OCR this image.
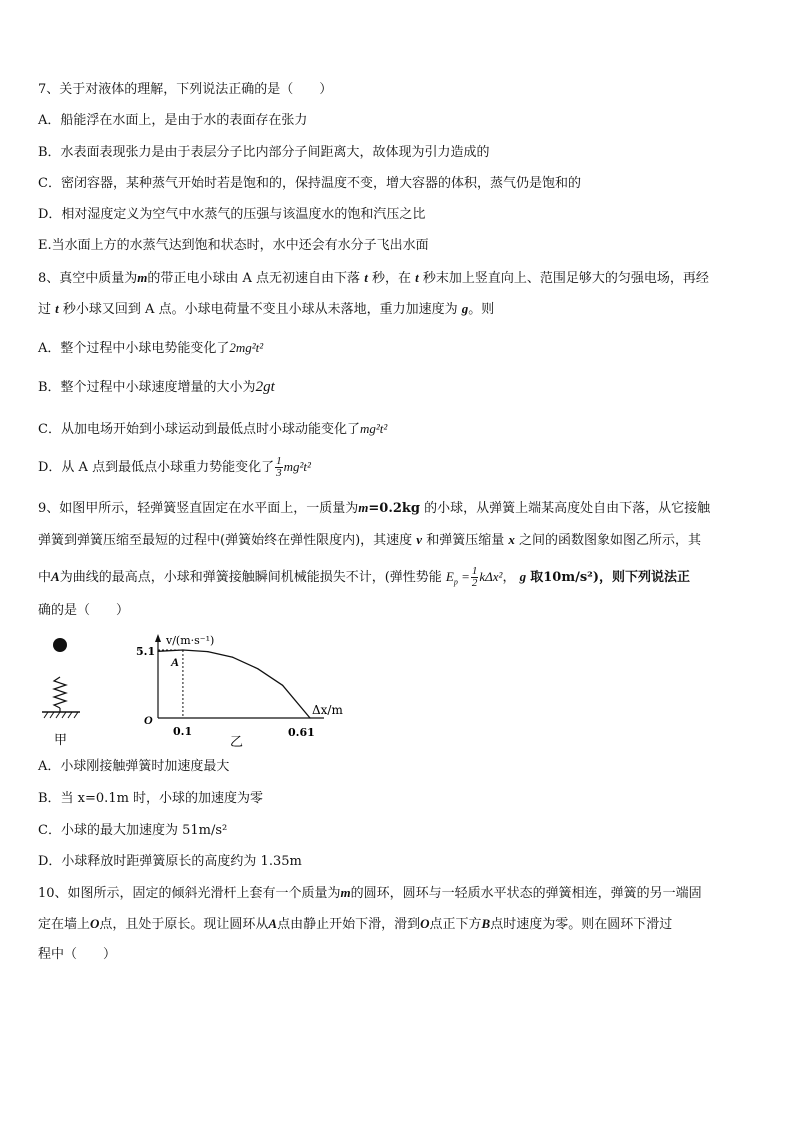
7、关于对液体的理解，下列说法正确的是（　　）
A．船能浮在水面上，是由于水的表面存在张力
B．水表面表现张力是由于表层分子比内部分子间距离大，故体现为引力造成的
C．密闭容器，某种蒸气开始时若是饱和的，保持温度不变，增大容器的体积，蒸气仍是饱和的
D．相对湿度定义为空气中水蒸气的压强与该温度水的饱和汽压之比
E.当水面上方的水蒸气达到饱和状态时，水中还会有水分子飞出水面
8、真空中质量为m的带正电小球由 A 点无初速自由下落 t 秒，在 t 秒末加上竖直向上、范围足够大的匀强电场，再经
过 t 秒小球又回到 A 点。小球电荷量不变且小球从未落地，重力加速度为 g。则
A．整个过程中小球电势能变化了2mg²t²
B．整个过程中小球速度增量的大小为2gt
C．从加电场开始到小球运动到最低点时小球动能变化了mg²t²
D．从 A 点到最低点小球重力势能变化了 $\frac{1}{3} mg^2t^2$
9、如图甲所示，轻弹簧竖直固定在水平面上，一质量为m=0.2kg 的小球，从弹簧上端某高度处自由下落，从它接触
弹簧到弹簧压缩至最短的过程中(弹簧始终在弹性限度内)，其速度 v 和弹簧压缩量 x 之间的函数图象如图乙所示，其
中A为曲线的最高点，小球和弹簧接触瞬间机械能损失不计，(弹性势能 $E_p = \frac{1}{2} k\Delta x^2$， g 取10m/s²)，则下列说法正
确的是（　　）
甲
v/(m·s⁻¹)
Δx/m
O
5.1
0.1	0.61
A
乙
A．小球刚接触弹簧时加速度最大
B．当 x=0.1m 时，小球的加速度为零
C．小球的最大加速度为 51m/s²
D．小球释放时距弹簧原长的高度约为 1.35m
10、如图所示，固定的倾斜光滑杆上套有一个质量为m的圆环，圆环与一轻质水平状态的弹簧相连，弹簧的另一端固
定在墙上O点，且处于原长。现让圆环从A点由静止开始下滑，滑到O点正下方B点时速度为零。则在圆环下滑过
程中（　　）
